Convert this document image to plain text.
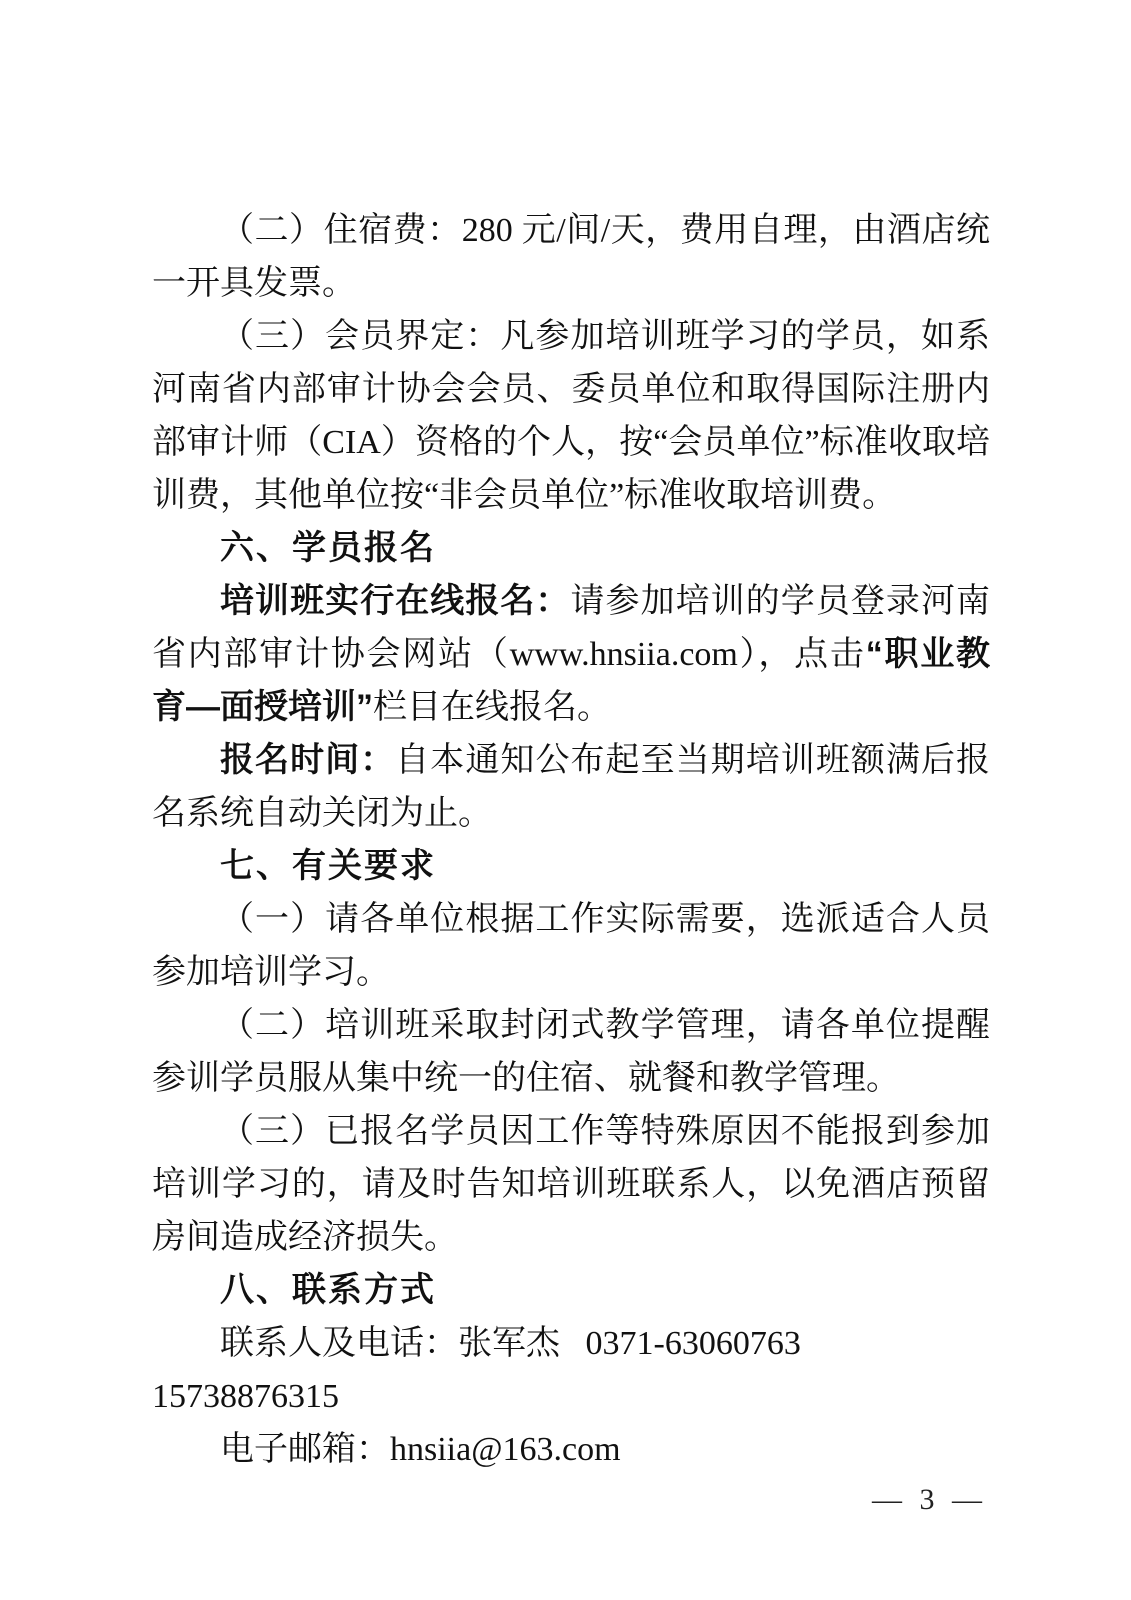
（二）住宿费：280 元/间/天，费用自理，由酒店统一开具发票。

（三）会员界定：凡参加培训班学习的学员，如系河南省内部审计协会会员、委员单位和取得国际注册内部审计师（CIA）资格的个人，按“会员单位”标准收取培训费，其他单位按“非会员单位”标准收取培训费。

六、学员报名

培训班实行在线报名：请参加培训的学员登录河南省内部审计协会网站（www.hnsiia.com），点击“职业教育—面授培训”栏目在线报名。

报名时间：自本通知公布起至当期培训班额满后报名系统自动关闭为止。

七、有关要求

（一）请各单位根据工作实际需要，选派适合人员参加培训学习。

（二）培训班采取封闭式教学管理，请各单位提醒参训学员服从集中统一的住宿、就餐和教学管理。

（三）已报名学员因工作等特殊原因不能报到参加培训学习的，请及时告知培训班联系人，以免酒店预留房间造成经济损失。

八、联系方式

联系人及电话：张军杰   0371-63060763     15738876315

电子邮箱：hnsiia@163.com

— 3 —
